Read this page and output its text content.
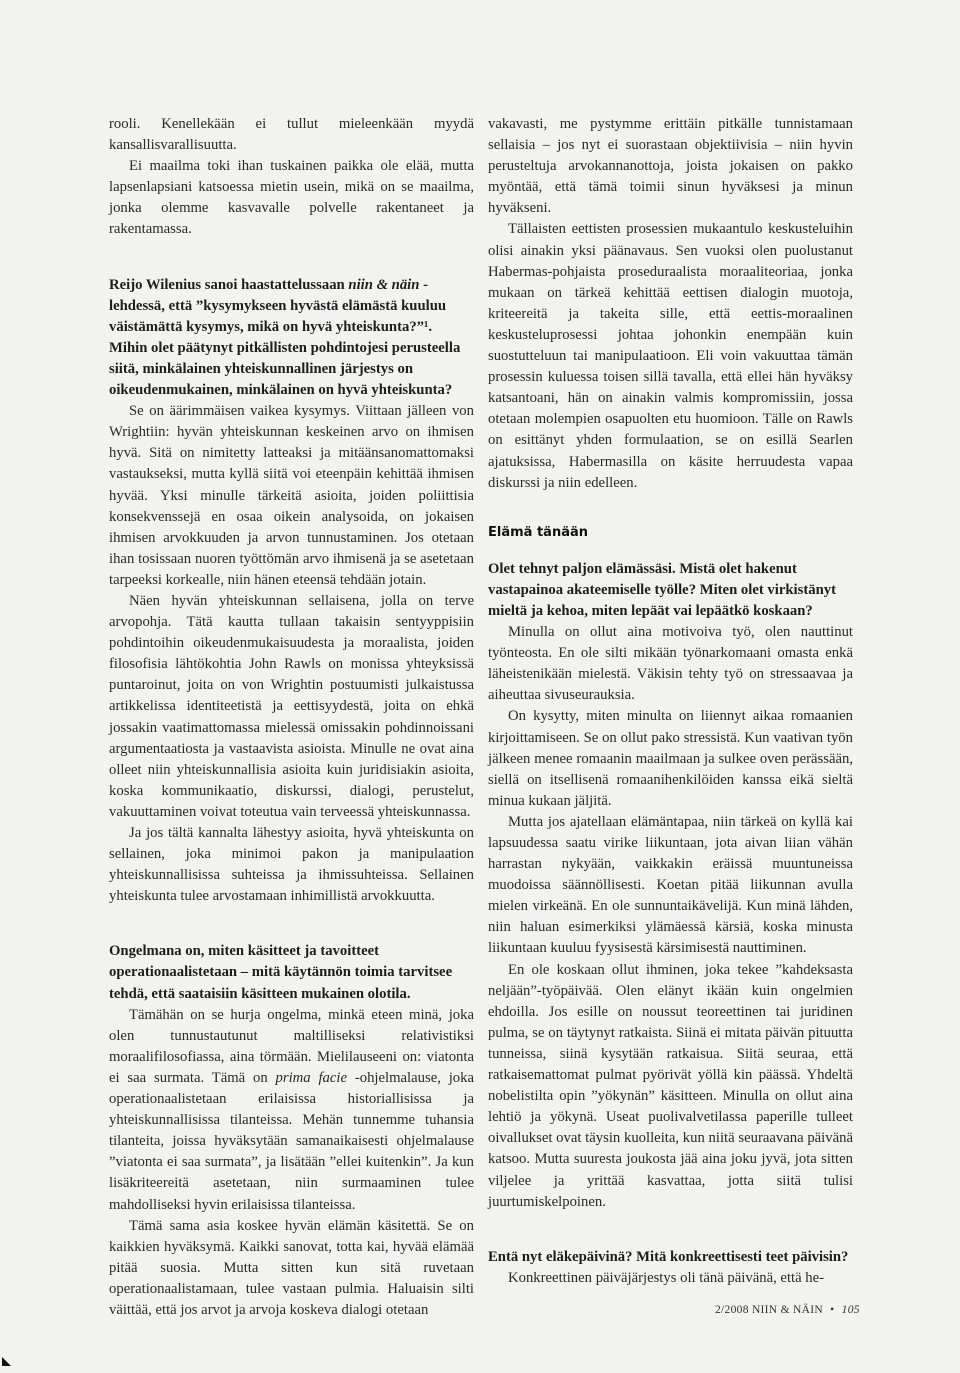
rooli. Kenellekään ei tullut mieleenkään myydä kansallisvarallisuutta.

Ei maailma toki ihan tuskainen paikka ole elää, mutta lapsenlapsiani katsoessa mietin usein, mikä on se maailma, jonka olemme kasvavalle polvelle rakentaneet ja rakentamassa.

Reijo Wilenius sanoi haastattelussaan niin & näin -lehdessä, että ”kysymykseen hyvästä elämästä kuuluu väistämättä kysymys, mikä on hyvä yhteiskunta?”¹. Mihin olet päätynyt pitkällisten pohdintojesi perusteella siitä, minkälainen yhteiskunnallinen järjestys on oikeudenmukainen, minkälainen on hyvä yhteiskunta?

Se on äärimmäisen vaikea kysymys. Viittaan jälleen von Wrightiin: hyvän yhteiskunnan keskeinen arvo on ihmisen hyvä. Sitä on nimitetty latteaksi ja mitäänsanomattomaksi vastaukseksi, mutta kyllä siitä voi eteenpäin kehittää ihmisen hyvää. Yksi minulle tärkeitä asioita, joiden poliittisia konsekvenssejä en osaa oikein analysoida, on jokaisen ihmisen arvokkuuden ja arvon tunnustaminen. Jos otetaan ihan tosissaan nuoren työttömän arvo ihmisenä ja se asetetaan tarpeeksi korkealle, niin hänen eteensä tehdään jotain.

Näen hyvän yhteiskunnan sellaisena, jolla on terve arvopohja. Tätä kautta tullaan takaisin sentyyppisiin pohdintoihin oikeudenmukaisuudesta ja moraalista, joiden filosofisia lähtökohtia John Rawls on monissa yhteyksissä puntaroinut, joita on von Wrightin postuumisti julkaistussa artikkelissa identiteetistä ja eettisyydestä, joita on ehkä jossakin vaatimattomassa mielessä omissakin pohdinnoissani argumentaatiosta ja vastaavista asioista. Minulle ne ovat aina olleet niin yhteiskunnallisia asioita kuin juridisiakin asioita, koska kommunikaatio, diskurssi, dialogi, perustelut, vakuuttaminen voivat toteutua vain terveessä yhteiskunnassa.

Ja jos tältä kannalta lähestyy asioita, hyvä yhteiskunta on sellainen, joka minimoi pakon ja manipulaation yhteiskunnallisissa suhteissa ja ihmissuhteissa. Sellainen yhteiskunta tulee arvostamaan inhimillistä arvokkuutta.

Ongelmana on, miten käsitteet ja tavoitteet operationaalistetaan – mitä käytännön toimia tarvitsee tehdä, että saataisiin käsitteen mukainen olotila.

Tämähän on se hurja ongelma, minkä eteen minä, joka olen tunnustautunut maltilliseksi relativistiksi moraalifilosofiassa, aina törmään. Mielilauseeni on: viatonta ei saa surmata. Tämä on prima facie -ohjelmalause, joka operationaalistetaan erilaisissa historiallisissa ja yhteiskunnallisissa tilanteissa. Mehän tunnemme tuhansia tilanteita, joissa hyväksytään samanaikaisesti ohjelmalause ”viatonta ei saa surmata”, ja lisätään ”ellei kuitenkin”. Ja kun lisäkriteereitä asetetaan, niin surmaaminen tulee mahdolliseksi hyvin erilaisissa tilanteissa.

Tämä sama asia koskee hyvän elämän käsitettä. Se on kaikkien hyväksymä. Kaikki sanovat, totta kai, hyvää elämää pitää suosia. Mutta sitten kun sitä ruvetaan operationaalistamaan, tulee vastaan pulmia. Haluaisin silti väittää, että jos arvot ja arvoja koskeva dialogi otetaan

vakavasti, me pystymme erittäin pitkälle tunnistamaan sellaisia – jos nyt ei suorastaan objektiivisia – niin hyvin perusteltuja arvokannanottoja, joista jokaisen on pakko myöntää, että tämä toimii sinun hyväksesi ja minun hyväkseni.

Tällaisten eettisten prosessien mukaantulo keskusteluihin olisi ainakin yksi päänavaus. Sen vuoksi olen puolustanut Habermas-pohjaista proseduraalista moraaliteoriaa, jonka mukaan on tärkeä kehittää eettisen dialogin muotoja, kriteereitä ja takeita sille, että eettis-moraalinen keskusteluprosessi johtaa johonkin enempään kuin suostutteluun tai manipulaatioon. Eli voin vakuuttaa tämän prosessin kuluessa toisen sillä tavalla, että ellei hän hyväksy katsantoani, hän on ainakin valmis kompromissiin, jossa otetaan molempien osapuolten etu huomioon. Tälle on Rawls on esittänyt yhden formulaation, se on esillä Searlen ajatuksissa, Habermasilla on käsite herruudesta vapaa diskurssi ja niin edelleen.

Elämä tänään

Olet tehnyt paljon elämässäsi. Mistä olet hakenut vastapainoa akateemiselle työlle? Miten olet virkistänyt mieltä ja kehoa, miten lepäät vai lepäätkö koskaan?

Minulla on ollut aina motivoiva työ, olen nauttinut työnteosta. En ole silti mikään työnarkomaani omasta enkä läheistenikään mielestä. Väkisin tehty työ on stressaavaa ja aiheuttaa sivuseurauksia.

On kysytty, miten minulta on liiennyt aikaa romaanien kirjoittamiseen. Se on ollut pako stressistä. Kun vaativan työn jälkeen menee romaanin maailmaan ja sulkee oven perässään, siellä on itsellisenä romaanihenkilöiden kanssa eikä sieltä minua kukaan jäljitä.

Mutta jos ajatellaan elämäntapaa, niin tärkeä on kyllä kai lapsuudessa saatu virike liikuntaan, jota aivan liian vähän harrastan nykyään, vaikkakin eräissä muuntuneissa muodoissa säännöllisesti. Koetan pitää liikunnan avulla mielen virkeänä. En ole sunnuntaikävelijä. Kun minä lähden, niin haluan esimerkiksi ylämäessä kärsiä, koska minusta liikuntaan kuuluu fyysisestä kärsimisestä nauttiminen.

En ole koskaan ollut ihminen, joka tekee ”kahdeksasta neljään”-työpäivää. Olen elänyt ikään kuin ongelmien ehdoilla. Jos esille on noussut teoreettinen tai juridinen pulma, se on täytynyt ratkaista. Siinä ei mitata päivän pituutta tunneissa, siinä kysytään ratkaisua. Siitä seuraa, että ratkaisemattomat pulmat pyörivät yöllä kin päässä. Yhdeltä nobelistilta opin ”yökynän” käsitteen. Minulla on ollut aina lehtiö ja yökynä. Useat puolivalvetilassa paperille tulleet oivallukset ovat täysin kuolleita, kun niitä seuraavana päivänä katsoo. Mutta suuresta joukosta jää aina joku jyvä, jota sitten viljelee ja yrittää kasvattaa, jotta siitä tulisi juurtumiskelpoinen.

Entä nyt eläkepäivinä? Mitä konkreettisesti teet päivisin?

Konkreettinen päiväjärjestys oli tänä päivänä, että he-

2/2008 NIIN & NÄIN • 105
